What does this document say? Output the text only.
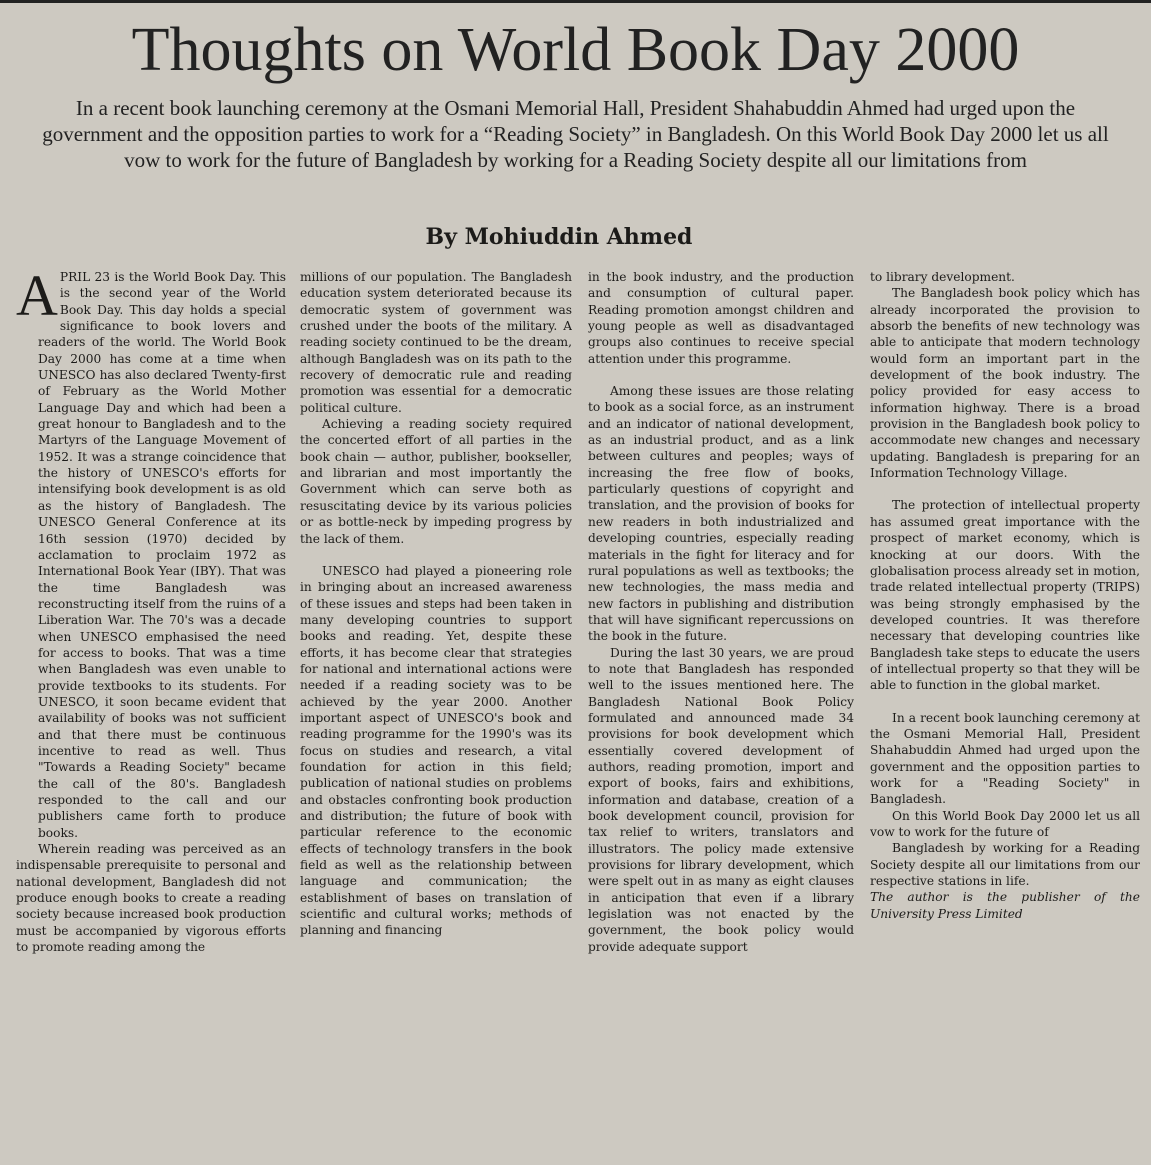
Thoughts on World Book Day 2000
In a recent book launching ceremony at the Osmani Memorial Hall, President Shahabuddin Ahmed had urged upon the government and the opposition parties to work for a “Reading Society” in Bangladesh. On this World Book Day 2000 let us all vow to work for the future of Bangladesh by working for a Reading Society despite all our limitations from
By Mohiuddin Ahmed

APRIL 23 is the World Book Day. This is the second year of the World Book Day. This day holds a special significance to book lovers and readers of the world. The World Book Day 2000 has come at a time when UNESCO has also declared Twenty-first of February as the World Mother Language Day and which had been a great honour to Bangladesh and to the Martyrs of the Language Movement of 1952. It was a strange coincidence that the history of UNESCO's efforts for intensifying book development is as old as the history of Bangladesh. The UNESCO General Conference at its 16th session (1970) decided by acclamation to proclaim 1972 as International Book Year (IBY). That was the time Bangladesh was reconstructing itself from the ruins of a Liberation War. The 70's was a decade when UNESCO emphasised the need for access to books. That was a time when Bangladesh was even unable to provide textbooks to its students. For UNESCO, it soon became evident that availability of books was not sufficient and that there must be continuous incentive to read as well. Thus "Towards a Reading Society" became the call of the 80's. Bangladesh responded to the call and our publishers came forth to produce books.

Wherein reading was perceived as an indispensable prerequisite to personal and national development, Bangladesh did not produce enough books to create a reading society because increased book production must be accompanied by vigorous efforts to promote reading among the

millions of our population. The Bangladesh education system deteriorated because its democratic system of government was crushed under the boots of the military. A reading society continued to be the dream, although Bangladesh was on its path to the recovery of democratic rule and reading promotion was essential for a democratic political culture.

Achieving a reading society required the concerted effort of all parties in the book chain — author, publisher, bookseller, and librarian and most importantly the Government which can serve both as resuscitating device by its various policies or as bottle-neck by impeding progress by the lack of them.

UNESCO had played a pioneering role in bringing about an increased awareness of these issues and steps had been taken in many developing countries to support books and reading. Yet, despite these efforts, it has become clear that strategies for national and international actions were needed if a reading society was to be achieved by the year 2000. Another important aspect of UNESCO's book and reading programme for the 1990's was its focus on studies and research, a vital foundation for action in this field; publication of national studies on problems and obstacles confronting book production and distribution; the future of book with particular reference to the economic effects of technology transfers in the book field as well as the relationship between language and communication; the establishment of bases on translation of scientific and cultural works; methods of planning and financing

in the book industry, and the production and consumption of cultural paper. Reading promotion amongst children and young people as well as disadvantaged groups also continues to receive special attention under this programme.

Among these issues are those relating to book as a social force, as an instrument and an indicator of national development, as an industrial product, and as a link between cultures and peoples; ways of increasing the free flow of books, particularly questions of copyright and translation, and the provision of books for new readers in both industrialized and developing countries, especially reading materials in the fight for literacy and for rural populations as well as textbooks; the new technologies, the mass media and new factors in publishing and distribution that will have significant repercussions on the book in the future.

During the last 30 years, we are proud to note that Bangladesh has responded well to the issues mentioned here. The Bangladesh National Book Policy formulated and announced made 34 provisions for book development which essentially covered development of authors, reading promotion, import and export of books, fairs and exhibitions, information and database, creation of a book development council, provision for tax relief to writers, translators and illustrators. The policy made extensive provisions for library development, which were spelt out in as many as eight clauses in anticipation that even if a library legislation was not enacted by the government, the book policy would provide adequate support

to library development.

The Bangladesh book policy which has already incorporated the provision to absorb the benefits of new technology was able to anticipate that modern technology would form an important part in the development of the book industry. The policy provided for easy access to information highway. There is a broad provision in the Bangladesh book policy to accommodate new changes and necessary updating. Bangladesh is preparing for an Information Technology Village.

The protection of intellectual property has assumed great importance with the prospect of market economy, which is knocking at our doors. With the globalisation process already set in motion, trade related intellectual property (TRIPS) was being strongly emphasised by the developed countries. It was therefore necessary that developing countries like Bangladesh take steps to educate the users of intellectual property so that they will be able to function in the global market.

In a recent book launching ceremony at the Osmani Memorial Hall, President Shahabuddin Ahmed had urged upon the government and the opposition parties to work for a "Reading Society" in Bangladesh.

On this World Book Day 2000 let us all vow to work for the future of

Bangladesh by working for a Reading Society despite all our limitations from our respective stations in life.

The author is the publisher of the University Press Limited
